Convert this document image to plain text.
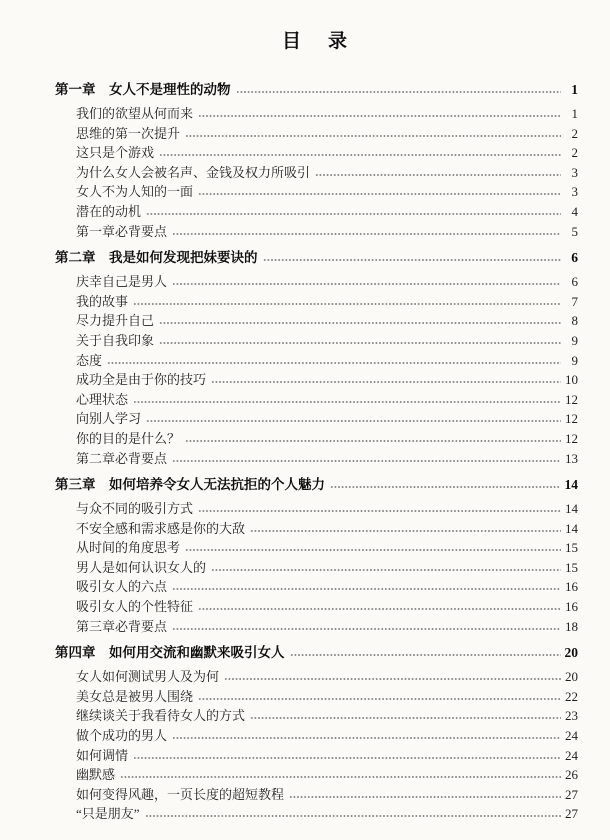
目　录
第一章　女人不是理性的动物	1
我们的欲望从何而来	1
思维的第一次提升	2
这只是个游戏	2
为什么女人会被名声、金钱及权力所吸引	3
女人不为人知的一面	3
潜在的动机	4
第一章必背要点	5
第二章　我是如何发现把妹要诀的	6
庆幸自己是男人	6
我的故事	7
尽力提升自己	8
关于自我印象	9
态度	9
成功全是由于你的技巧	10
心理状态	12
向别人学习	12
你的目的是什么？	12
第二章必背要点	13
第三章　如何培养令女人无法抗拒的个人魅力	14
与众不同的吸引方式	14
不安全感和需求感是你的大敌	14
从时间的角度思考	15
男人是如何认识女人的	15
吸引女人的六点	16
吸引女人的个性特征	16
第三章必背要点	18
第四章　如何用交流和幽默来吸引女人	20
女人如何测试男人及为何	20
美女总是被男人围绕	22
继续谈关于我看待女人的方式	23
做个成功的男人	24
如何调情	24
幽默感	26
如何变得风趣，一页长度的超短教程	27
“只是朋友”	27
